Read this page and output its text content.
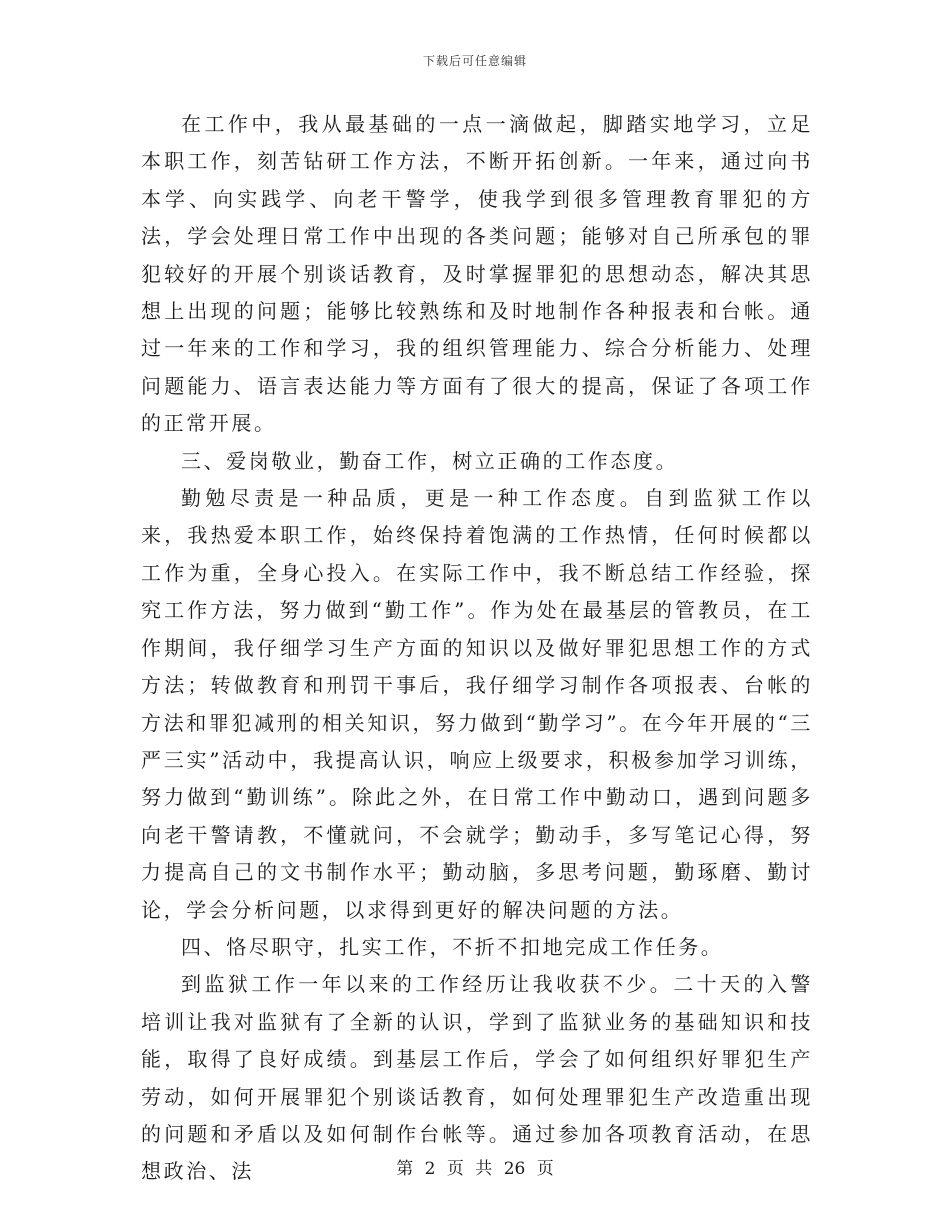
下载后可任意编辑

在工作中，我从最基础的一点一滴做起，脚踏实地学习，立足本职工作，刻苦钻研工作方法，不断开拓创新。一年来，通过向书本学、向实践学、向老干警学，使我学到很多管理教育罪犯的方法，学会处理日常工作中出现的各类问题；能够对自己所承包的罪犯较好的开展个别谈话教育，及时掌握罪犯的思想动态，解决其思想上出现的问题；能够比较熟练和及时地制作各种报表和台帐。通过一年来的工作和学习，我的组织管理能力、综合分析能力、处理问题能力、语言表达能力等方面有了很大的提高，保证了各项工作的正常开展。

三、爱岗敬业，勤奋工作，树立正确的工作态度。

勤勉尽责是一种品质，更是一种工作态度。自到监狱工作以来，我热爱本职工作，始终保持着饱满的工作热情，任何时候都以工作为重，全身心投入。在实际工作中，我不断总结工作经验，探究工作方法，努力做到“勤工作”。作为处在最基层的管教员，在工作期间，我仔细学习生产方面的知识以及做好罪犯思想工作的方式方法；转做教育和刑罚干事后，我仔细学习制作各项报表、台帐的方法和罪犯减刑的相关知识，努力做到“勤学习”。在今年开展的“三严三实”活动中，我提高认识，响应上级要求，积极参加学习训练，努力做到“勤训练”。除此之外，在日常工作中勤动口，遇到问题多向老干警请教，不懂就问，不会就学；勤动手，多写笔记心得，努力提高自己的文书制作水平；勤动脑，多思考问题，勤琢磨、勤讨论，学会分析问题，以求得到更好的解决问题的方法。

四、恪尽职守，扎实工作，不折不扣地完成工作任务。

到监狱工作一年以来的工作经历让我收获不少。二十天的入警培训让我对监狱有了全新的认识，学到了监狱业务的基础知识和技能，取得了良好成绩。到基层工作后，学会了如何组织好罪犯生产劳动，如何开展罪犯个别谈话教育，如何处理罪犯生产改造重出现的问题和矛盾以及如何制作台帐等。通过参加各项教育活动，在思想政治、法	第 2 页 共 26 页
